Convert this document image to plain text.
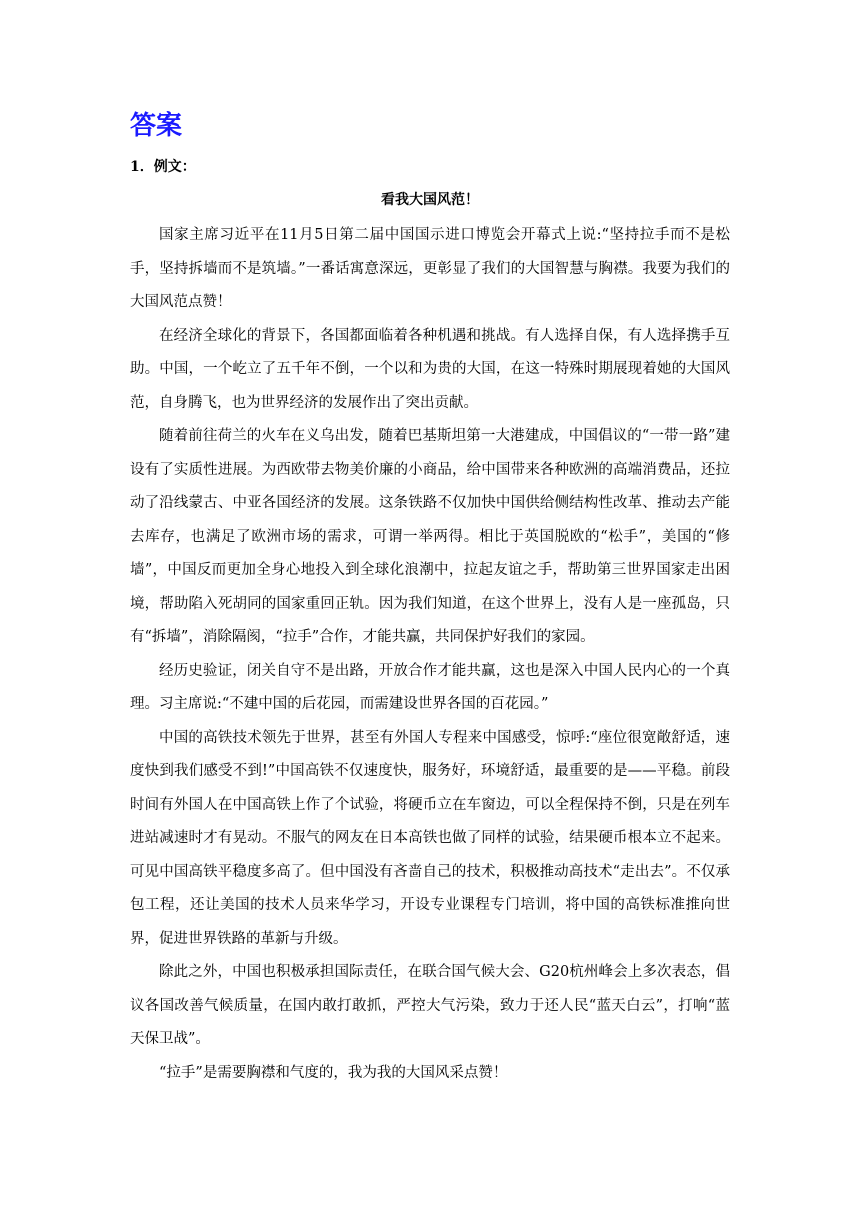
答案
1．例文：
看我大国风范！

国家主席习近平在11月5日第二届中国国示进口博览会开幕式上说:“坚持拉手而不是松手，坚持拆墙而不是筑墙。”一番话寓意深远，更彰显了我们的大国智慧与胸襟。我要为我们的大国风范点赞！

在经济全球化的背景下，各国都面临着各种机遇和挑战。有人选择自保，有人选择携手互助。中国，一个屹立了五千年不倒，一个以和为贵的大国，在这一特殊时期展现着她的大国风范，自身腾飞，也为世界经济的发展作出了突出贡献。

随着前往荷兰的火车在义乌出发，随着巴基斯坦第一大港建成，中国倡议的“一带一路”建设有了实质性进展。为西欧带去物美价廉的小商品，给中国带来各种欧洲的高端消费品，还拉动了沿线蒙古、中亚各国经济的发展。这条铁路不仅加快中国供给侧结构性改革、推动去产能去库存，也满足了欧洲市场的需求，可谓一举两得。相比于英国脱欧的“松手”，美国的“修墙”，中国反而更加全身心地投入到全球化浪潮中，拉起友谊之手，帮助第三世界国家走出困境，帮助陷入死胡同的国家重回正轨。因为我们知道，在这个世界上，没有人是一座孤岛，只有“拆墙”，消除隔阂，“拉手”合作，才能共赢，共同保护好我们的家园。

经历史验证，闭关自守不是出路，开放合作才能共赢，这也是深入中国人民内心的一个真理。习主席说:“不建中国的后花园，而需建设世界各国的百花园。”

中国的高铁技术领先于世界，甚至有外国人专程来中国感受，惊呼:“座位很宽敞舒适，速度快到我们感受不到!”中国高铁不仅速度快，服务好，环境舒适，最重要的是——平稳。前段时间有外国人在中国高铁上作了个试验，将硬币立在车窗边，可以全程保持不倒，只是在列车进站减速时才有晃动。不服气的网友在日本高铁也做了同样的试验，结果硬币根本立不起来。可见中国高铁平稳度多高了。但中国没有吝啬自己的技术，积极推动高技术“走出去”。不仅承包工程，还让美国的技术人员来华学习，开设专业课程专门培训，将中国的高铁标准推向世界，促进世界铁路的革新与升级。

除此之外，中国也积极承担国际责任，在联合国气候大会、G20杭州峰会上多次表态，倡议各国改善气候质量，在国内敢打敢抓，严控大气污染，致力于还人民“蓝天白云”，打响“蓝天保卫战”。

“拉手”是需要胸襟和气度的，我为我的大国风采点赞！
